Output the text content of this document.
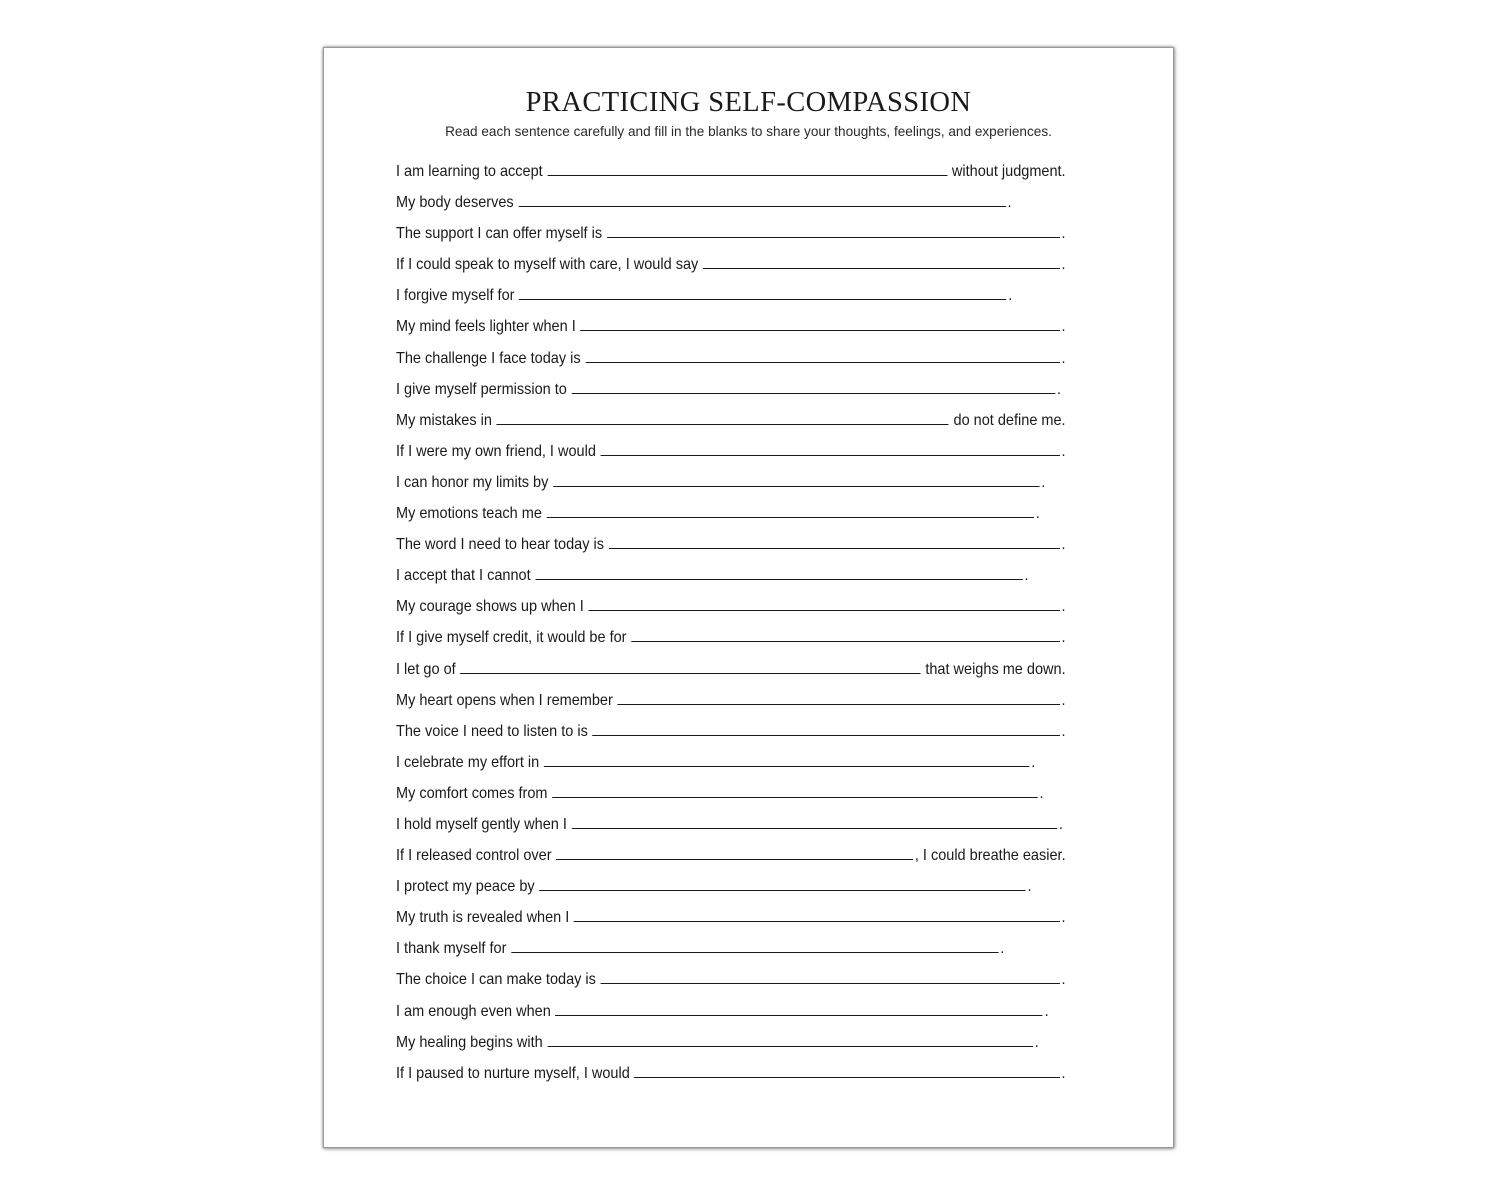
PRACTICING SELF-COMPASSION

Read each sentence carefully and fill in the blanks to share your thoughts, feelings, and experiences.

I am learning to accept	without judgment.
My body deserves	.
The support I can offer myself is	.
If I could speak to myself with care, I would say	.
I forgive myself for	.
My mind feels lighter when I	.
The challenge I face today is	.
I give myself permission to	.
My mistakes in	do not define me.
If I were my own friend, I would	.
I can honor my limits by	.
My emotions teach me	.
The word I need to hear today is	.
I accept that I cannot	.
My courage shows up when I	.
If I give myself credit, it would be for	.
I let go of	that weighs me down.
My heart opens when I remember	.
The voice I need to listen to is	.
I celebrate my effort in	.
My comfort comes from	.
I hold myself gently when I	.
If I released control over	, I could breathe easier.
I protect my peace by	.
My truth is revealed when I	.
I thank myself for	.
The choice I can make today is	.
I am enough even when	.
My healing begins with	.
If I paused to nurture myself, I would	.
